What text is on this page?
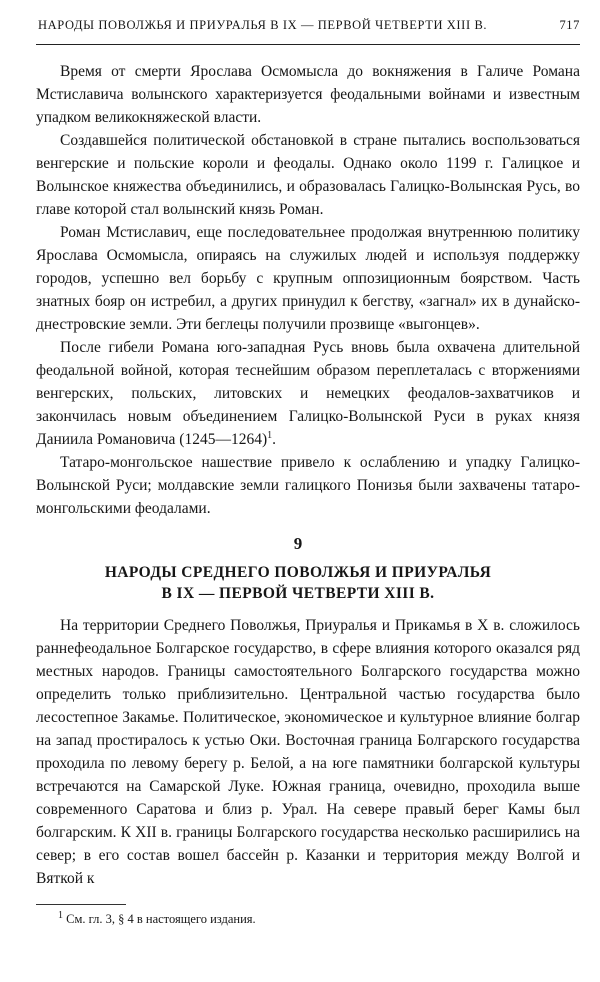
НАРОДЫ ПОВОЛЖЬЯ И ПРИУРАЛЬЯ В IX — ПЕРВОЙ ЧЕТВЕРТИ XIII В.	717

Время от смерти Ярослава Осмомысла до вокняжения в Галиче Романа Мстиславича волынского характеризуется феодальными войнами и известным упадком великокняжеской власти.

Создавшейся политической обстановкой в стране пытались воспользоваться венгерские и польские короли и феодалы. Однако около 1199 г. Галицкое и Волынское княжества объединились, и образовалась Галицко-Волынская Русь, во главе которой стал волынский князь Роман.

Роман Мстиславич, еще последовательнее продолжая внутреннюю политику Ярослава Осмомысла, опираясь на служилых людей и используя поддержку городов, успешно вел борьбу с крупным оппозиционным боярством. Часть знатных бояр он истребил, а других принудил к бегству, «загнал» их в дунайско-днестровские земли. Эти беглецы получили прозвище «выгонцев».

После гибели Романа юго-западная Русь вновь была охвачена длительной феодальной войной, которая теснейшим образом переплеталась с вторжениями венгерских, польских, литовских и немецких феодалов-захватчиков и закончилась новым объединением Галицко-Волынской Руси в руках князя Даниила Романовича (1245—1264)$^1$.

Татаро-монгольское нашествие привело к ослаблению и упадку Галицко-Волынской Руси; молдавские земли галицкого Понизья были захвачены татаро-монгольскими феодалами.

9
НАРОДЫ СРЕДНЕГО ПОВОЛЖЬЯ И ПРИУРАЛЬЯ
В IX — ПЕРВОЙ ЧЕТВЕРТИ XIII В.

На территории Среднего Поволжья, Приуралья и Прикамья в X в. сложилось раннефеодальное Болгарское государство, в сфере влияния которого оказался ряд местных народов. Границы самостоятельного Болгарского государства можно определить только приблизительно. Центральной частью государства было лесостепное Закамье. Политическое, экономическое и культурное влияние болгар на запад простиралось к устью Оки. Восточная граница Болгарского государства проходила по левому берегу р. Белой, а на юге памятники болгарской культуры встречаются на Самарской Луке. Южная граница, очевидно, проходила выше современного Саратова и близ р. Урал. На севере правый берег Камы был болгарским. К XII в. границы Болгарского государства несколько расширились на север; в его состав вошел бассейн р. Казанки и территория между Волгой и Вяткой к

$^1$ См. гл. 3, § 4 в настоящего издания.
